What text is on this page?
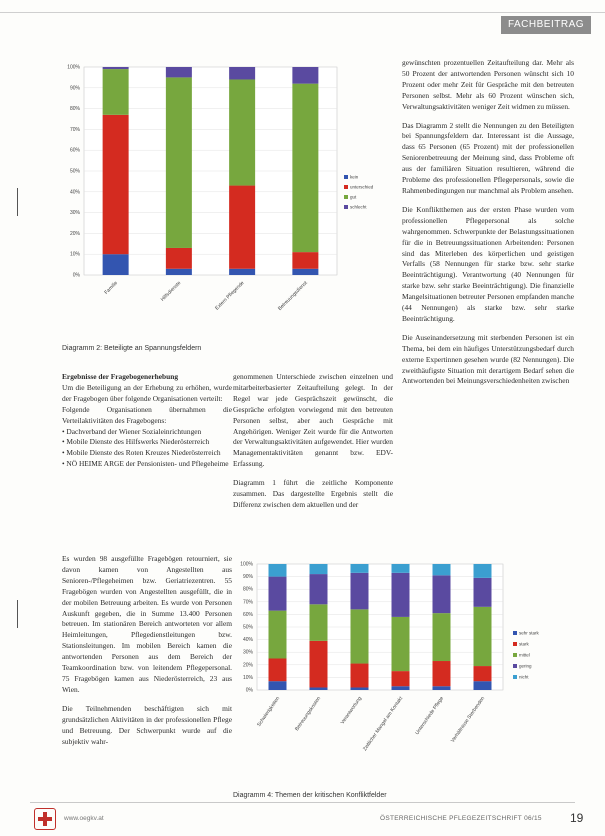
FACHBEITRAG
0%
10%
20%
30%
40%
50%
60%
70%
80%
90%
100%
Familie	Hilfsdienste	Extern Pflegende	Betreuungsdienst
kein
unterschied
gut
schlecht
Diagramm 2: Beteiligte an Spannungsfeldern

gewünschten prozentuellen Zeitaufteilung dar. Mehr als 50 Prozent der antwortenden Personen wünscht sich 10 Prozent oder mehr Zeit für Gespräche mit den betreuten Personen selbst. Mehr als 60 Prozent wünschen sich, Verwaltungsaktivitäten weniger Zeit widmen zu müssen.

Das Diagramm 2 stellt die Nennungen zu den Beteiligten bei Spannungsfeldern dar. Interessant ist die Aussage, dass 65 Personen (65 Prozent) mit der professionellen Seniorenbetreuung der Meinung sind, dass Probleme oft aus der familiären Situation resultieren, während die Probleme des professionellen Pflegepersonals, sowie die Rahmenbedingungen nur manchmal als Problem ansehen.

Die Konfliktthemen aus der ersten Phase wurden vom professionellen Pflegepersonal als solche wahrgenommen. Schwerpunkte der Belastungssituationen für die in Betreuungssituationen Arbeitenden: Personen sind das Miterleben des körperlichen und geistigen Verfalls (58 Nennungen für starke bzw. sehr starke Beeinträchtigung). Verantwortung (40 Nennungen für starke bzw. sehr starke Beeinträchtigung). Die finanzielle Mangelsituationen betreuter Personen empfanden manche (44 Nennungen) als starke bzw. sehr starke Beeinträchtigung.

Die Auseinandersetzung mit sterbenden Personen ist ein Thema, bei dem ein häufiges Unterstützungsbedarf durch externe Expertinnen gesehen wurde (82 Nennungen). Die zweithäufigste Situation mit derartigem Bedarf sehen die Antwortenden bei Meinungsverschiedenheiten zwischen

Ergebnisse der Fragebogenerhebung

Um die Beteiligung an der Erhebung zu erhöhen, wurde der Fragebogen über folgende Organisationen verteilt:

Folgende Organisationen übernahmen die Verteilaktivitäten des Fragebogens:

• Dachverband der Wiener Sozialeinrichtungen

• Mobile Dienste des Hilfswerks Niederösterreich

• Mobile Dienste des Roten Kreuzes Niederösterreich

• NÖ HEIME ARGE der Pensionisten- und Pflegeheime

Es wurden 98 ausgefüllte Fragebögen retourniert, sie davon kamen von Angestellten aus Senioren-/Pflegeheimen bzw. Geriatriezentren. 55 Fragebögen wurden von Angestellten ausgefüllt, die in der mobilen Betreuung arbeiten. Es wurde von Personen Auskunft gegeben, die in Summe 13.400 Personen betreuen. Im stationären Bereich antworteten vor allem Heimleitungen, Pflegedienstleitungen bzw. Stationsleitungen. Im mobilen Bereich kamen die antwortenden Personen aus dem Bereich der Teamkoordination bzw. von leitendem Pflegepersonal. 75 Fragebögen kamen aus Niederösterreich, 23 aus Wien.

Die Teilnehmenden beschäftigten sich mit grundsätzlichen Aktivitäten in der professionellen Pflege und Betreuung. Der Schwerpunkt wurde auf die subjektiv wahr-

genommenen Unterschiede zwischen einzelnen und mitarbeiterbasierter Zeitaufteilung gelegt. In der Regel war jede Gesprächszeit gewünscht, die Gespräche erfolgten vorwiegend mit den betreuten Personen selbst, aber auch Gespräche mit Angehörigen. Weniger Zeit wurde für die Antworten der Verwaltungsaktivitäten aufgewendet. Hier wurden Managementaktivitäten genannt bzw. EDV-Erfassung.

Diagramm 1 führt die zeitliche Komponente zusammen. Das dargestellte Ergebnis stellt die Differenz zwischen dem aktuellen und der

0%
10%
20%
30%
40%
50%
60%
70%
80%
90%
100%
Schwierigkeiten	Betreuungskosten	Verantwortung
Zeitlicher Mangel am Kontakt Unterschiede Pflege Verhältnisse Sterbenden
sehr stark
stark
mittel
gering
nicht
Diagramm 4: Themen der kritischen Konfliktfelder
www.oegkv.at	ÖSTERREICHISCHE PFLEGEZEITSCHRIFT 06/15 19
